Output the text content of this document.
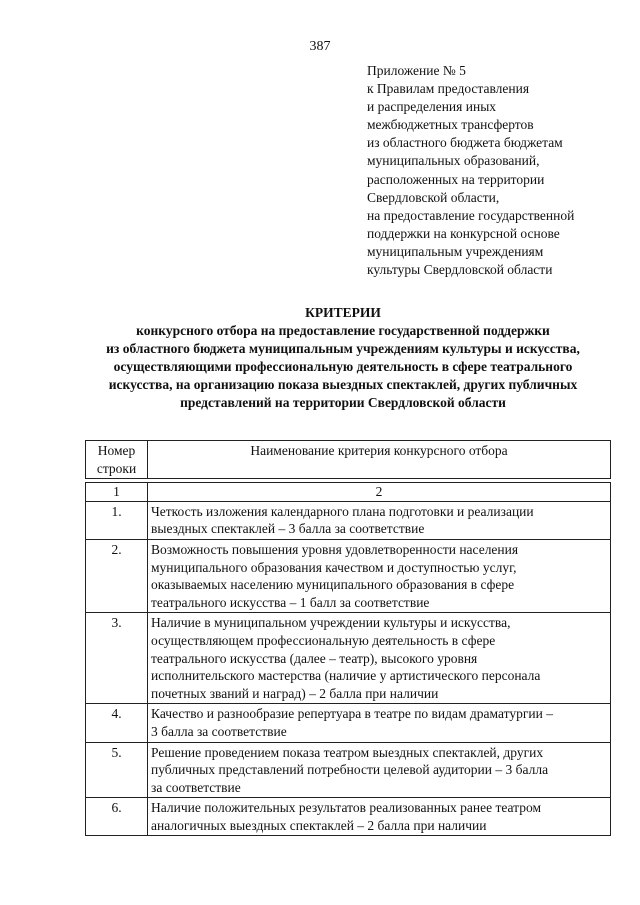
387
Приложение № 5
к Правилам предоставления
и распределения иных
межбюджетных трансфертов
из областного бюджета бюджетам
муниципальных образований,
расположенных на территории
Свердловской области,
на предоставление государственной
поддержки на конкурсной основе
муниципальным учреждениям
культуры Свердловской области
КРИТЕРИИ
конкурсного отбора на предоставление государственной поддержки
из областного бюджета муниципальным учреждениям культуры и искусства,
осуществляющими профессиональную деятельность в сфере театрального
искусства, на организацию показа выездных спектаклей, других публичных
представлений на территории Свердловской области
Номер
строки	Наименование критерия конкурсного отбора

1	2
1.	Четкость изложения календарного плана подготовки и реализации
выездных спектаклей – 3 балла за соответствие

2.	Возможность повышения уровня удовлетворенности населения
муниципального образования качеством и доступностью услуг,
оказываемых населению муниципального образования в сфере
театрального искусства – 1 балл за соответствие

3.	Наличие в муниципальном учреждении культуры и искусства,
осуществляющем профессиональную деятельность в сфере
театрального искусства (далее – театр), высокого уровня
исполнительского мастерства (наличие у артистического персонала
почетных званий и наград) – 2 балла при наличии

4.	Качество и разнообразие репертуара в театре по видам драматургии –
3 балла за соответствие

5.	Решение проведением показа театром выездных спектаклей, других
публичных представлений потребности целевой аудитории – 3 балла
за соответствие

6.	Наличие положительных результатов реализованных ранее театром
аналогичных выездных спектаклей – 2 балла при наличии
